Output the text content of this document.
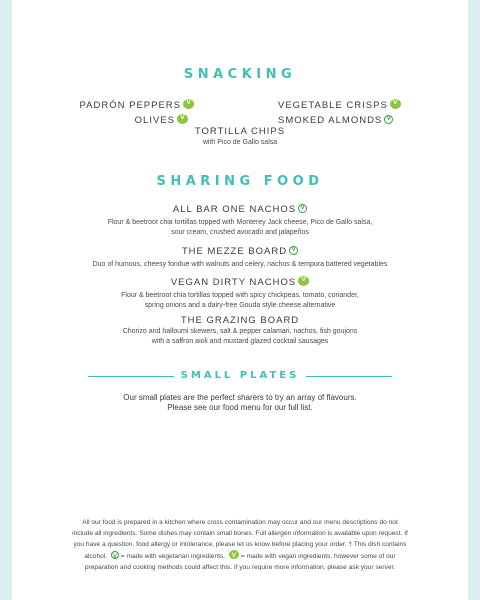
SNACKING
PADRÓN PEPPERS V	VEGETABLE CRISPSV
OLIVES V	SMOKED ALMONDSV
TORTILLA CHIPS
with Pico de Gallo salsa
SHARING FOOD
ALL BAR ONE NACHOSV
Flour & beetroot chia tortillas topped with Monterey Jack cheese, Pico de Gallo salsa,
sour cream, crushed avocado and jalapeños
THE MEZZE BOARDV
Duo of humous, cheesy fondue with walnuts and celery, nachos & tempura battered vegetables
VEGAN DIRTY NACHOSV
Flour & beetroot chia tortillas topped with spicy chickpeas, tomato, coriander,
spring onions and a dairy-free Gouda style cheese alternative
THE GRAZING BOARD
Chorizo and halloumi skewers, salt & pepper calamari, nachos, fish goujons
with a saffron aioli and mustard glazed cocktail sausages
SMALL PLATES
Our small plates are the perfect sharers to try an array of flavours.
Please see our food menu for our full list.
All our food is prepared in a kitchen where cross contamination may occur and our menu descriptions do not
include all ingredients. Some dishes may contain small bones. Full allergen information is available upon request. If
you have a question, food allergy or intolerance, please let us know before placing your order. † This dish contains
alcohol. V = made with vegetarian ingredients. V = made with vegan ingredients, however some of our
preparation and cooking methods could affect this. If you require more information, please ask your server.
